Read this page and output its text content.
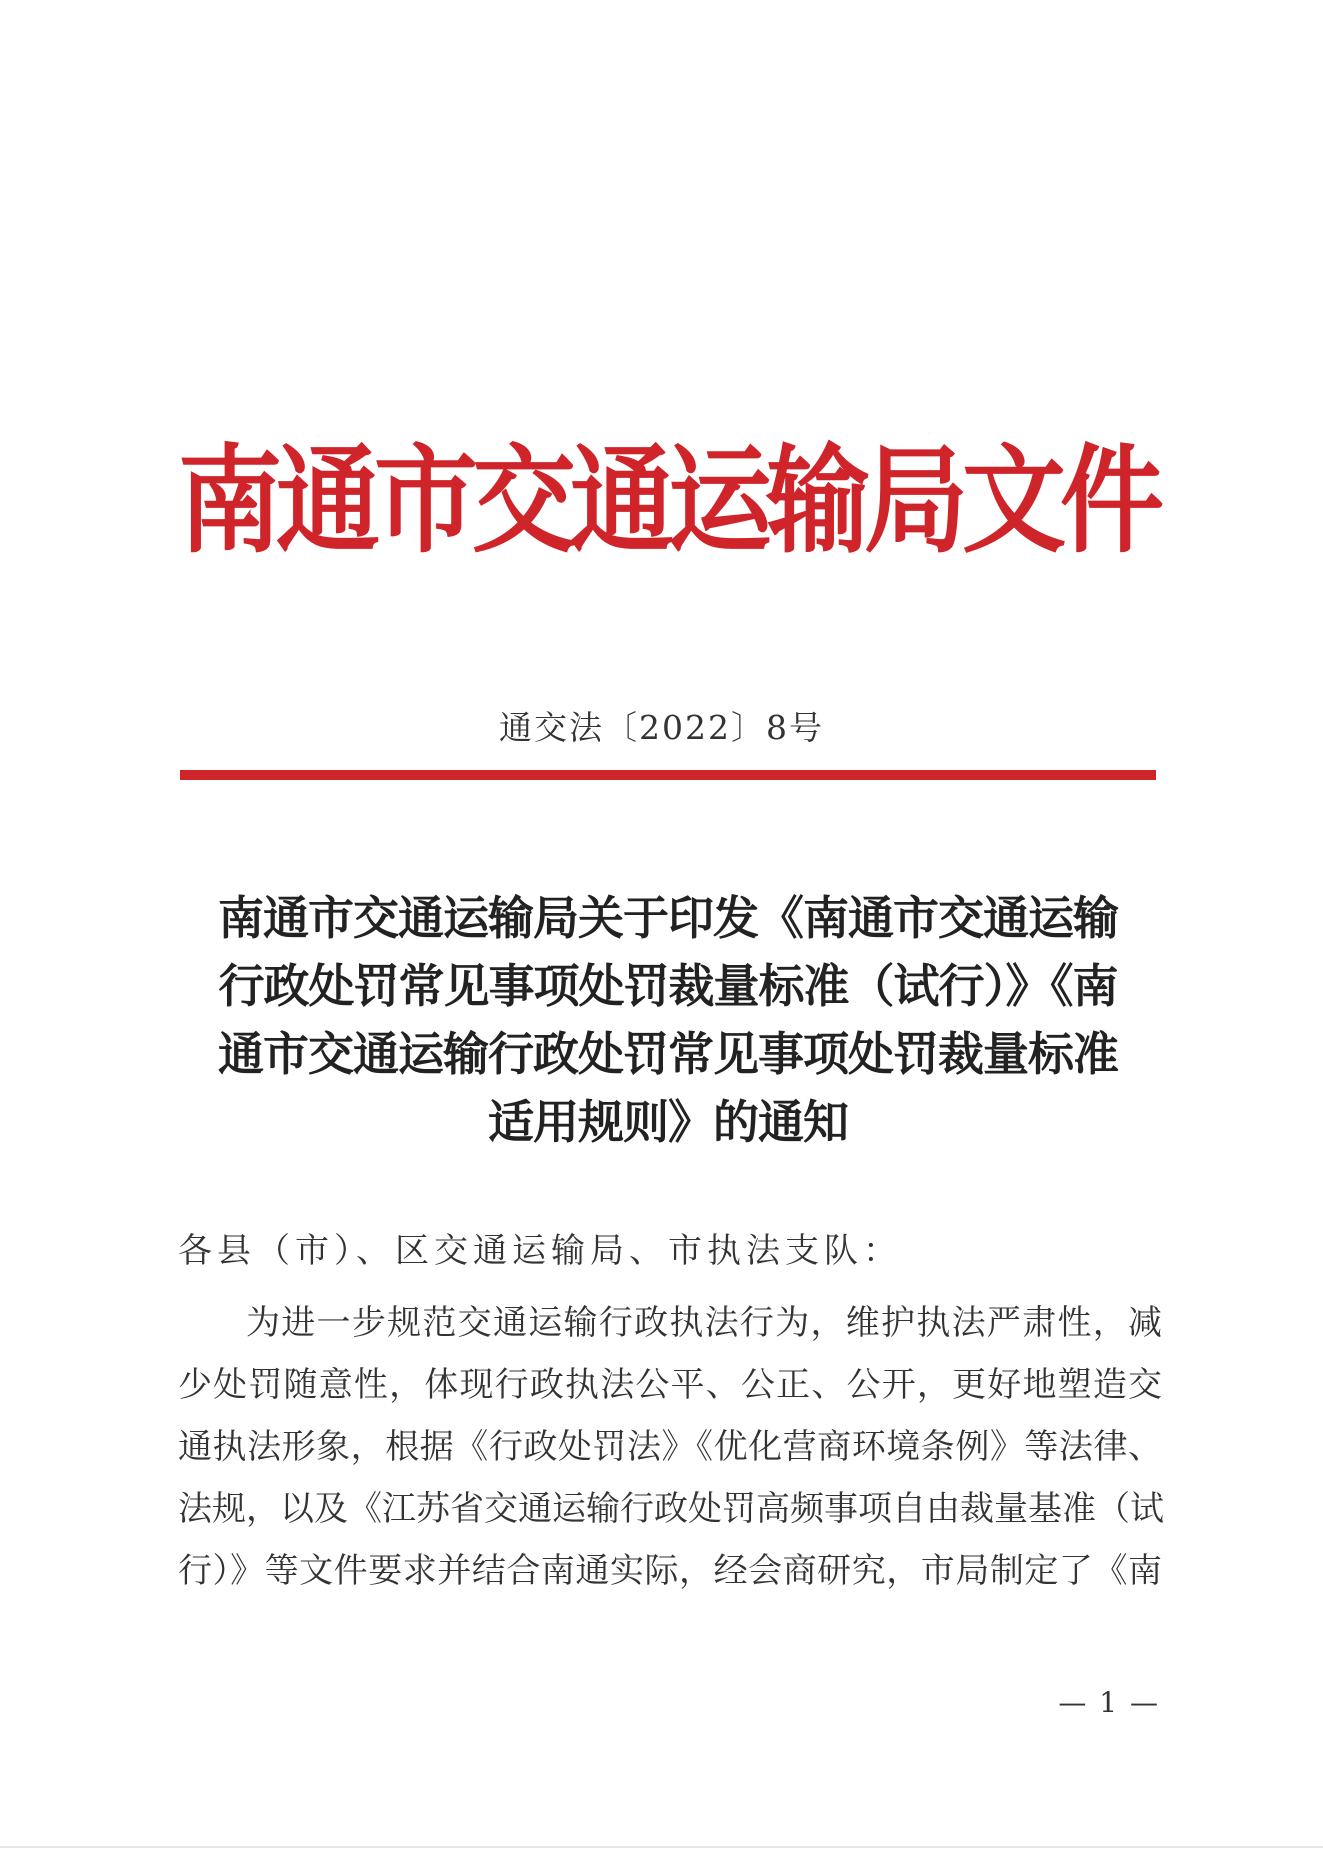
南通市交通运输局文件
通交法〔2022〕8号
南通市交通运输局关于印发《南通市交通运输
行政处罚常见事项处罚裁量标准（试行）》《南
通市交通运输行政处罚常见事项处罚裁量标准
适用规则》的通知
各县（市）、区交通运输局、市执法支队：
为进一步规范交通运输行政执法行为，维护执法严肃性，减
少处罚随意性，体现行政执法公平、公正、公开，更好地塑造交
通执法形象，根据《行政处罚法》《优化营商环境条例》等法律、
法规，以及《江苏省交通运输行政处罚高频事项自由裁量基准（试
行）》等文件要求并结合南通实际，经会商研究，市局制定了《南
— 1 —
